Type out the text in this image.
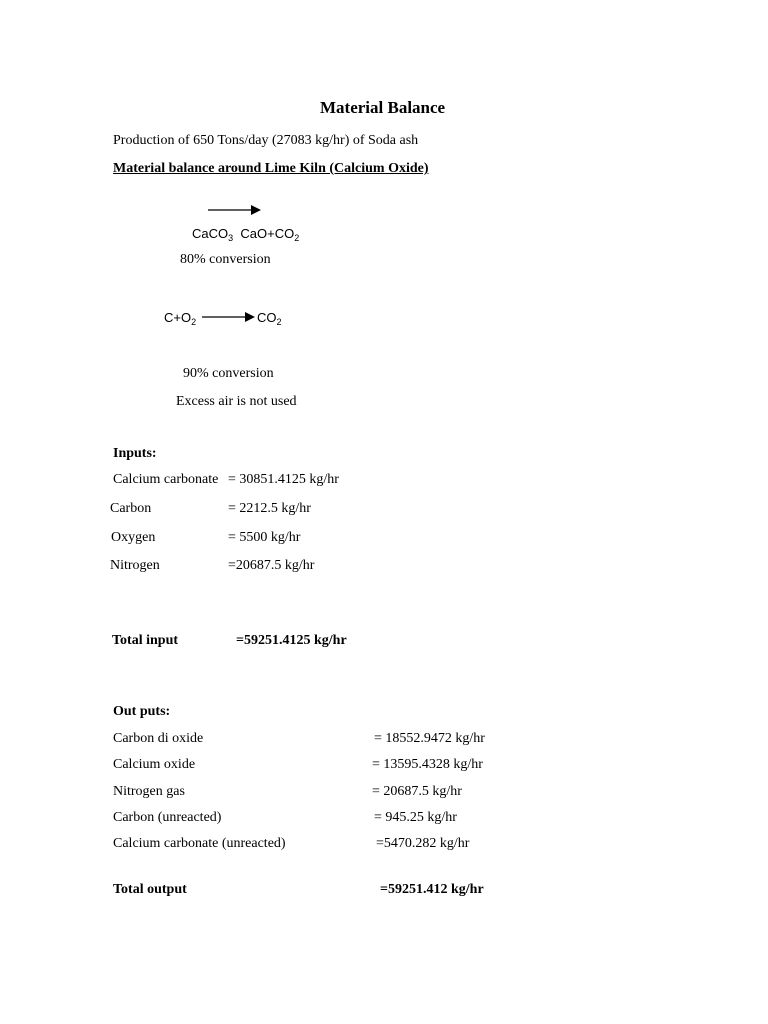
Material Balance
Production of 650 Tons/day (27083 kg/hr) of Soda ash
Material balance around Lime Kiln (Calcium Oxide)
CaCO$_3$ $CaO+CO_2$
80% conversion
$C+O_2 \to CO_2$
90% conversion
Excess air is not used
Inputs:
Calcium carbonate = 30851.4125 kg/hr
Carbon	= 2212.5 kg/hr
Oxygen	= 5500 kg/hr
Nitrogen	=20687.5 kg/hr
Total input	=59251.4125 kg/hr
Out puts:
Carbon di oxide	= 18552.9472 kg/hr
Calcium oxide	= 13595.4328 kg/hr
Nitrogen gas	= 20687.5 kg/hr
Carbon (unreacted)	= 945.25 kg/hr
Calcium carbonate (unreacted)	=5470.282 kg/hr
Total output	=59251.412 kg/hr
